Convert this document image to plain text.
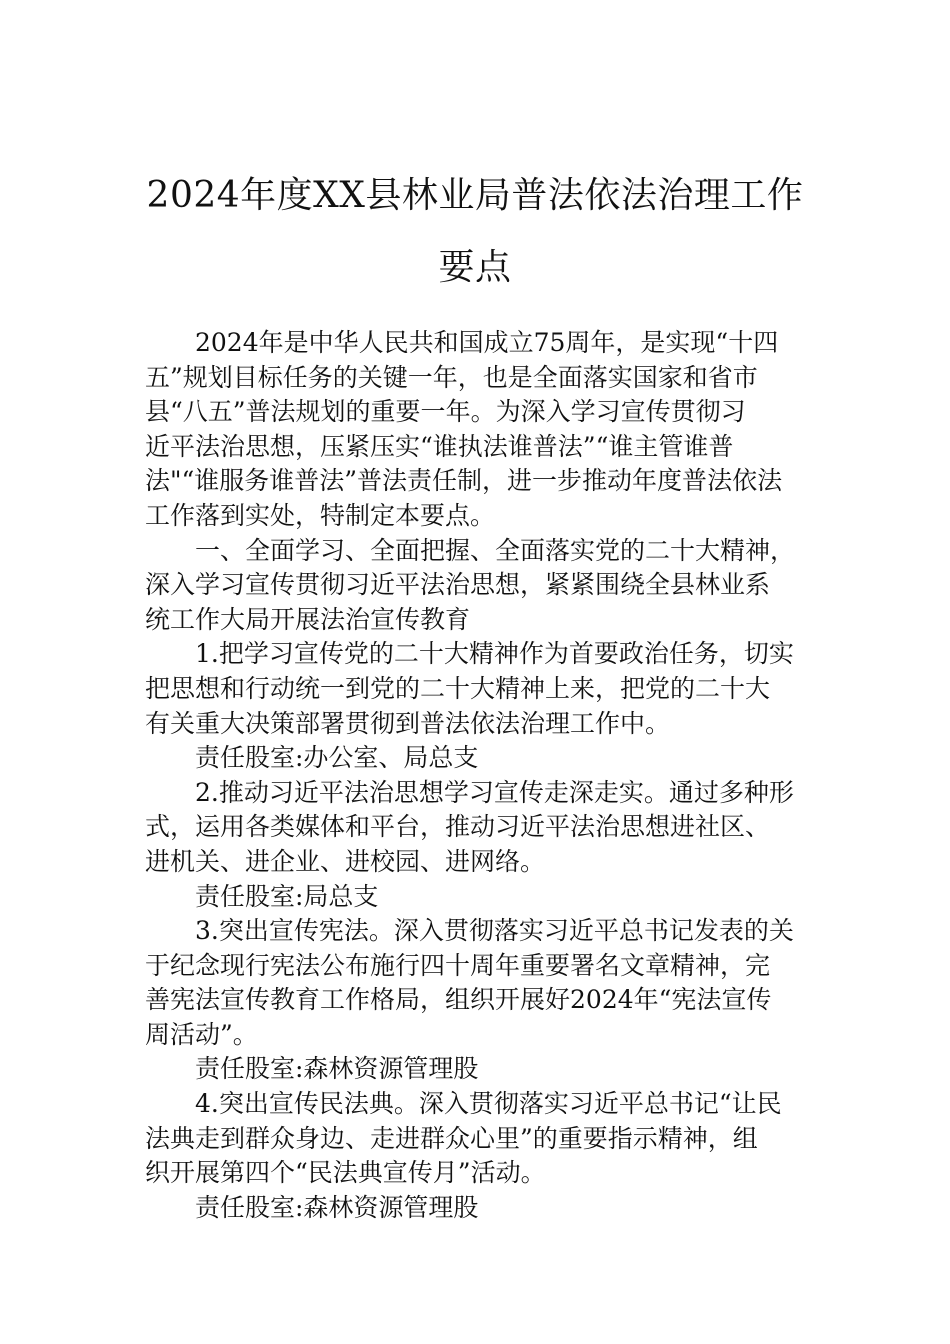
2024年度XX县林业局普法依法治理工作
要点
2024年是中华人民共和国成立75周年，是实现“十四
五”规划目标任务的关键一年，也是全面落实国家和省市
县“八五”普法规划的重要一年。为深入学习宣传贯彻习
近平法治思想，压紧压实“谁执法谁普法”“谁主管谁普
法"“谁服务谁普法”普法责任制，进一步推动年度普法依法
工作落到实处，特制定本要点。
一、全面学习、全面把握、全面落实党的二十大精神，
深入学习宣传贯彻习近平法治思想，紧紧围绕全县林业系
统工作大局开展法治宣传教育
1.把学习宣传党的二十大精神作为首要政治任务，切实
把思想和行动统一到党的二十大精神上来，把党的二十大
有关重大决策部署贯彻到普法依法治理工作中。
责任股室:办公室、局总支
2.推动习近平法治思想学习宣传走深走实。通过多种形
式，运用各类媒体和平台，推动习近平法治思想进社区、
进机关、进企业、进校园、进网络。
责任股室:局总支
3.突出宣传宪法。深入贯彻落实习近平总书记发表的关
于纪念现行宪法公布施行四十周年重要署名文章精神，完
善宪法宣传教育工作格局，组织开展好2024年“宪法宣传
周活动”。
责任股室:森林资源管理股
4.突出宣传民法典。深入贯彻落实习近平总书记“让民
法典走到群众身边、走进群众心里”的重要指示精神，组
织开展第四个“民法典宣传月”活动。
责任股室:森林资源管理股
